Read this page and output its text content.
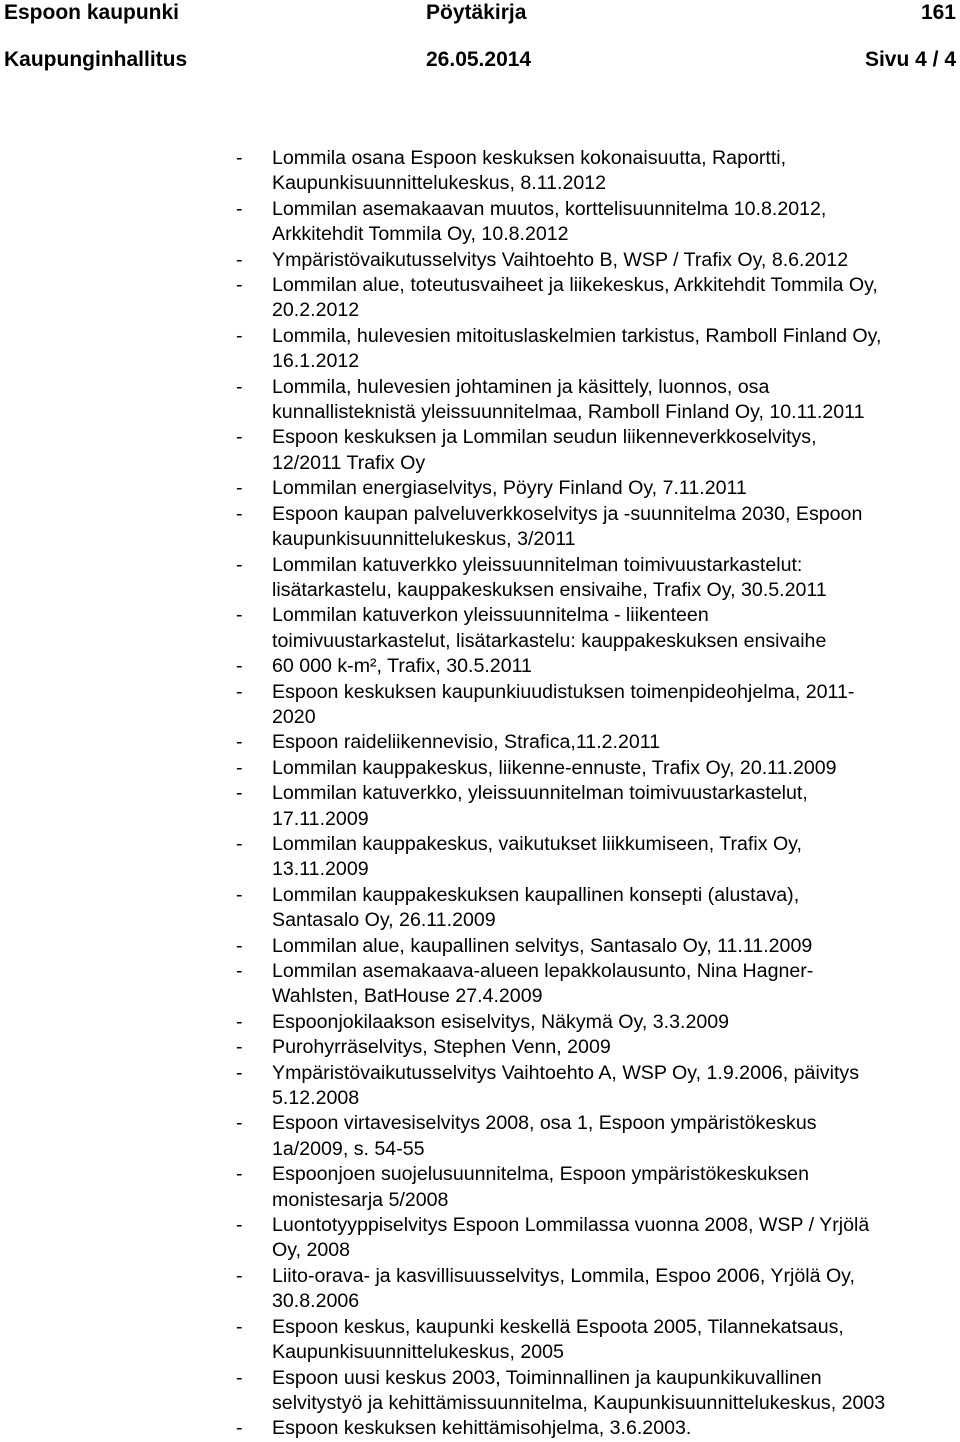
Espoon kaupunki	Pöytäkirja	161
Kaupunginhallitus	26.05.2014	Sivu 4 / 4
- Lommila osana Espoon keskuksen kokonaisuutta, Raportti,
Kaupunkisuunnittelukeskus, 8.11.2012
- Lommilan asemakaavan muutos, korttelisuunnitelma 10.8.2012,
Arkkitehdit Tommila Oy, 10.8.2012
- Ympäristövaikutusselvitys Vaihtoehto B, WSP / Trafix Oy, 8.6.2012
- Lommilan alue, toteutusvaiheet ja liikekeskus, Arkkitehdit Tommila Oy,
20.2.2012
- Lommila, hulevesien mitoituslaskelmien tarkistus, Ramboll Finland Oy,
16.1.2012
- Lommila, hulevesien johtaminen ja käsittely, luonnos, osa
kunnallisteknistä yleissuunnitelmaa, Ramboll Finland Oy, 10.11.2011
- Espoon keskuksen ja Lommilan seudun liikenneverkkoselvitys,
12/2011 Trafix Oy
- Lommilan energiaselvitys, Pöyry Finland Oy, 7.11.2011
- Espoon kaupan palveluverkkoselvitys ja -suunnitelma 2030, Espoon
kaupunkisuunnittelukeskus, 3/2011
- Lommilan katuverkko yleissuunnitelman toimivuustarkastelut:
lisätarkastelu, kauppakeskuksen ensivaihe, Trafix Oy, 30.5.2011
- Lommilan katuverkon yleissuunnitelma - liikenteen
toimivuustarkastelut, lisätarkastelu: kauppakeskuksen ensivaihe
- 60 000 k-m², Trafix, 30.5.2011
- Espoon keskuksen kaupunkiuudistuksen toimenpideohjelma, 2011-
2020
- Espoon raideliikennevisio, Strafica,11.2.2011
- Lommilan kauppakeskus, liikenne-ennuste, Trafix Oy, 20.11.2009
- Lommilan katuverkko, yleissuunnitelman toimivuustarkastelut,
17.11.2009
- Lommilan kauppakeskus, vaikutukset liikkumiseen, Trafix Oy,
13.11.2009
- Lommilan kauppakeskuksen kaupallinen konsepti (alustava),
Santasalo Oy, 26.11.2009
- Lommilan alue, kaupallinen selvitys, Santasalo Oy, 11.11.2009
- Lommilan asemakaava-alueen lepakkolausunto, Nina Hagner-
Wahlsten, BatHouse 27.4.2009
- Espoonjokilaakson esiselvitys, Näkymä Oy, 3.3.2009
- Purohyrräselvitys, Stephen Venn, 2009
- Ympäristövaikutusselvitys Vaihtoehto A, WSP Oy, 1.9.2006, päivitys
5.12.2008
- Espoon virtavesiselvitys 2008, osa 1, Espoon ympäristökeskus
1a/2009, s. 54-55
- Espoonjoen suojelusuunnitelma, Espoon ympäristökeskuksen
monistesarja 5/2008
- Luontotyyppiselvitys Espoon Lommilassa vuonna 2008, WSP / Yrjölä
Oy, 2008
- Liito-orava- ja kasvillisuusselvitys, Lommila, Espoo 2006, Yrjölä Oy,
30.8.2006
- Espoon keskus, kaupunki keskellä Espoota 2005, Tilannekatsaus,
Kaupunkisuunnittelukeskus, 2005
- Espoon uusi keskus 2003, Toiminnallinen ja kaupunkikuvallinen
selvitystyö ja kehittämissuunnitelma, Kaupunkisuunnittelukeskus, 2003
- Espoon keskuksen kehittämisohjelma, 3.6.2003.
